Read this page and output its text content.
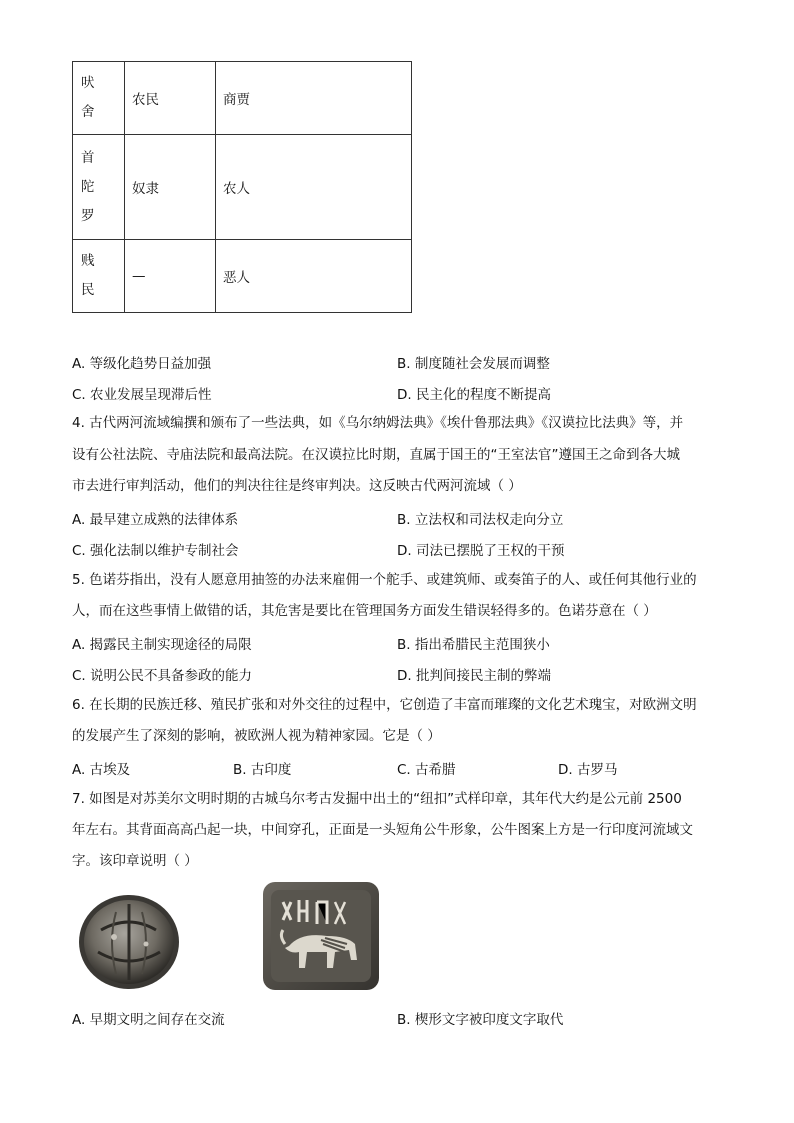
吠
舍	农民	商贾

首
陀
罗	奴隶	农人

贱
民	—	恶人
A. 等级化趋势日益加强	B. 制度随社会发展而调整
C. 农业发展呈现滞后性	D. 民主化的程度不断提高
4. 古代两河流域编撰和颁布了一些法典，如《乌尔纳姆法典》《埃什鲁那法典》《汉谟拉比法典》等，并
设有公社法院、寺庙法院和最高法院。在汉谟拉比时期，直属于国王的“王室法官”遵国王之命到各大城
市去进行审判活动，他们的判决往往是终审判决。这反映古代两河流域（ ）
A. 最早建立成熟的法律体系	B. 立法权和司法权走向分立
C. 强化法制以维护专制社会	D. 司法已摆脱了王权的干预
5. 色诺芬指出，没有人愿意用抽签的办法来雇佣一个舵手、或建筑师、或奏笛子的人、或任何其他行业的
人，而在这些事情上做错的话，其危害是要比在管理国务方面发生错误轻得多的。色诺芬意在（ ）
A. 揭露民主制实现途径的局限	B. 指出希腊民主范围狭小
C. 说明公民不具备参政的能力	D. 批判间接民主制的弊端
6. 在长期的民族迁移、殖民扩张和对外交往的过程中，它创造了丰富而璀璨的文化艺术瑰宝，对欧洲文明
的发展产生了深刻的影响，被欧洲人视为精神家园。它是（ ）
A. 古埃及	B. 古印度	C. 古希腊	D. 古罗马
7. 如图是对苏美尔文明时期的古城乌尔考古发掘中出土的“纽扣”式样印章，其年代大约是公元前 2500
年左右。其背面高高凸起一块，中间穿孔，正面是一头短角公牛形象，公牛图案上方是一行印度河流域文
字。该印章说明（ ）
A. 早期文明之间存在交流	B. 楔形文字被印度文字取代
